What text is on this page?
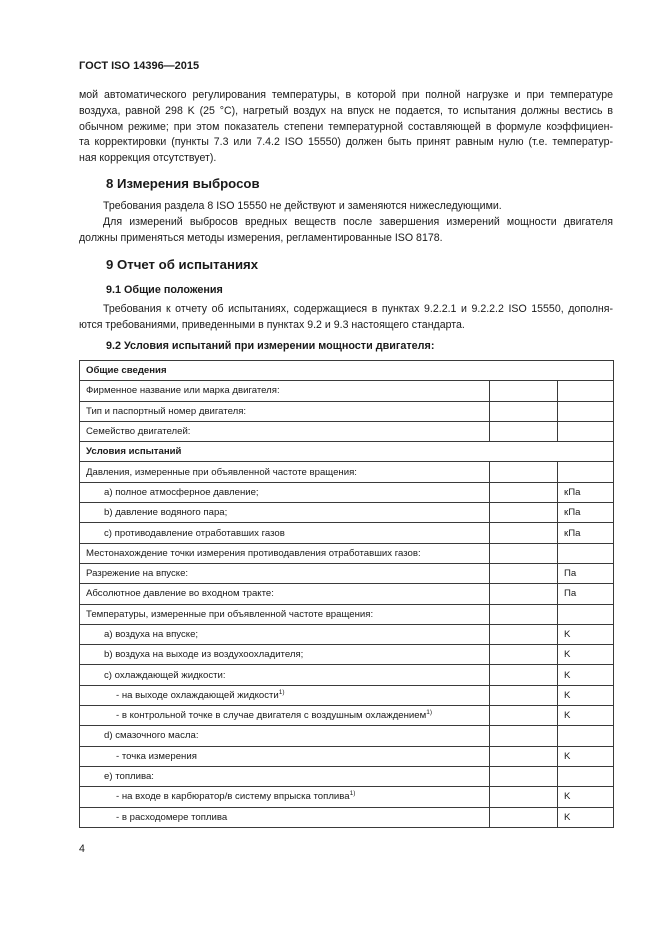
ГОСТ ISO 14396—2015
мой автоматического регулирования температуры, в которой при полной нагрузке и при температуре
воздуха, равной 298 K (25 °C), нагретый воздух на впуск не подается, то испытания должны вестись в
обычном режиме; при этом показатель степени температурной составляющей в формуле коэффициен-
та корректировки (пункты 7.3 или 7.4.2 ISO 15550) должен быть принят равным нулю (т.е. температур-
ная коррекция отсутствует).
8 Измерения выбросов
Требования раздела 8 ISO 15550 не действуют и заменяются нижеследующими.
Для измерений выбросов вредных веществ после завершения измерений мощности двигателя
должны применяться методы измерения, регламентированные ISO 8178.
9 Отчет об испытаниях
9.1 Общие положения
Требования к отчету об испытаниях, содержащиеся в пунктах 9.2.2.1 и 9.2.2.2 ISO 15550, дополня-
ются требованиями, приведенными в пунктах 9.2 и 9.3 настоящего стандарта.
9.2 Условия испытаний при измерении мощности двигателя:
Общие сведения		
Фирменное название или марка двигателя:		
Тип и паспортный номер двигателя:		
Семейство двигателей:		
Условия испытаний		
Давления, измеренные при объявленной частоте вращения:		
a) полное атмосферное давление;		кПа
b) давление водяного пара;		кПа
c) противодавление отработавших газов		кПа
Местонахождение точки измерения противодавления отработавших газов:		
Разрежение на впуске:		Па
Абсолютное давление во входном тракте:		Па
Температуры, измеренные при объявленной частоте вращения:		
a) воздуха на впуске;		K
b) воздуха на выходе из воздухоохладителя;		K
c) охлаждающей жидкости:		K
- на выходе охлаждающей жидкости$^{1)}$		K
- в контрольной точке в случае двигателя с воздушным охлаждением$^{1)}$		K
d) смазочного масла:		
- точка измерения		K
e) топлива:		
- на входе в карбюратор/в систему впрыска топлива$^{1)}$		K
- в расходомере топлива		K
4
